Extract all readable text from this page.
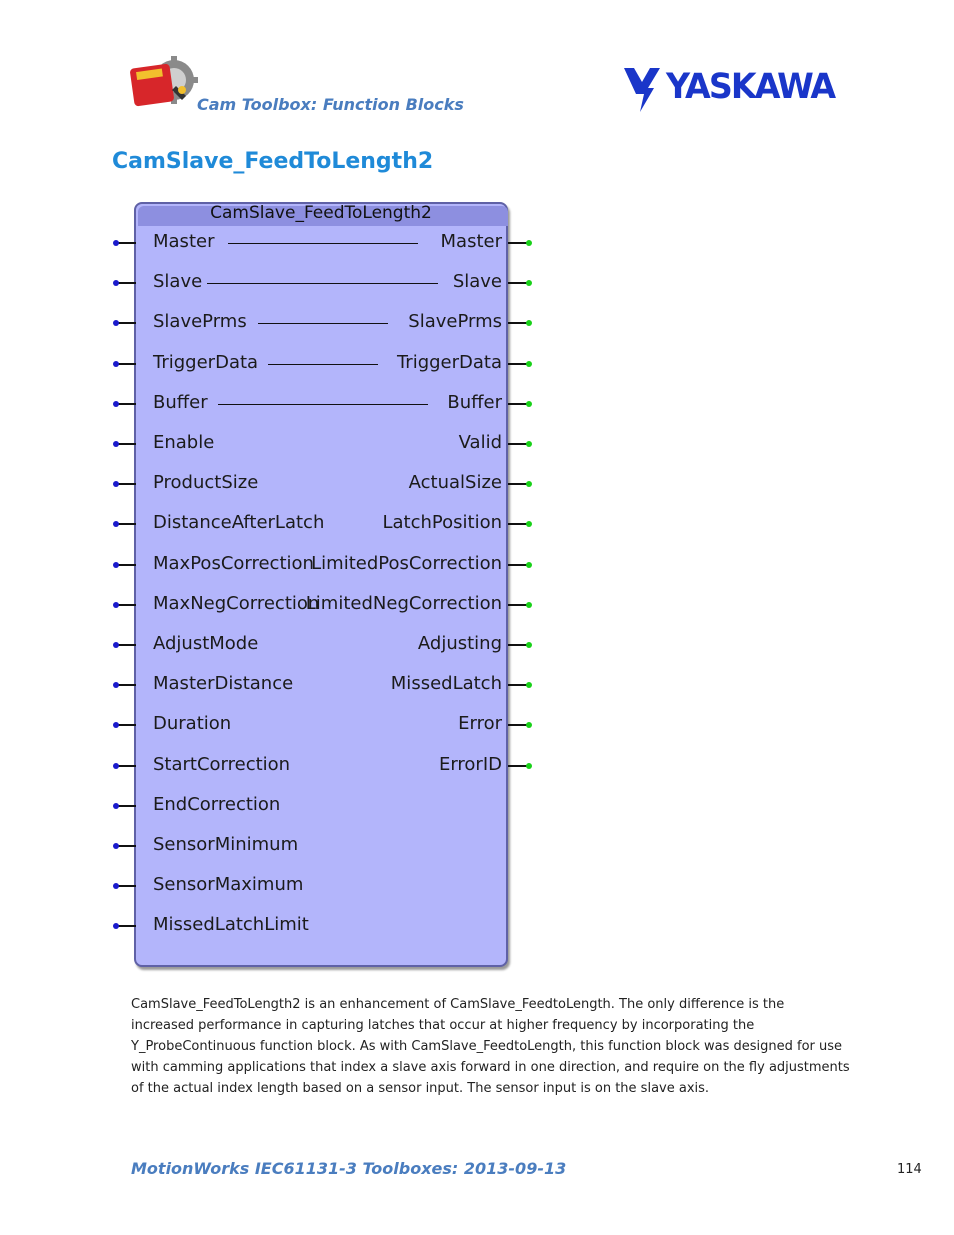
Cam Toolbox: Function Blocks	YASKAWA
CamSlave_FeedToLength2
CamSlave_FeedToLength2
Master
Slave
SlavePrms
TriggerData
Buffer
Enable
ProductSize
DistanceAfterLatch
MaxPosCorrection
MaxNegCorrection
AdjustMode
MasterDistance
Duration
StartCorrection
EndCorrection
SensorMinimum
SensorMaximum
MissedLatchLimit
Master
Slave
SlavePrms
TriggerData
Buffer
Valid
ActualSize
LatchPosition
LimitedPosCorrection
LimitedNegCorrection
Adjusting
MissedLatch
Error
ErrorID
CamSlave_FeedToLength2 is an enhancement of CamSlave_FeedtoLength. The only difference is the increased performance in capturing latches that occur at higher frequency by incorporating the Y_ProbeContinuous function block. As with CamSlave_FeedtoLength, this function block was designed for use with camming applications that index a slave axis forward in one direction, and require on the fly adjustments of the actual index length based on a sensor input. The sensor input is on the slave axis.
MotionWorks IEC61131-3 Toolboxes: 2013-09-13	114
